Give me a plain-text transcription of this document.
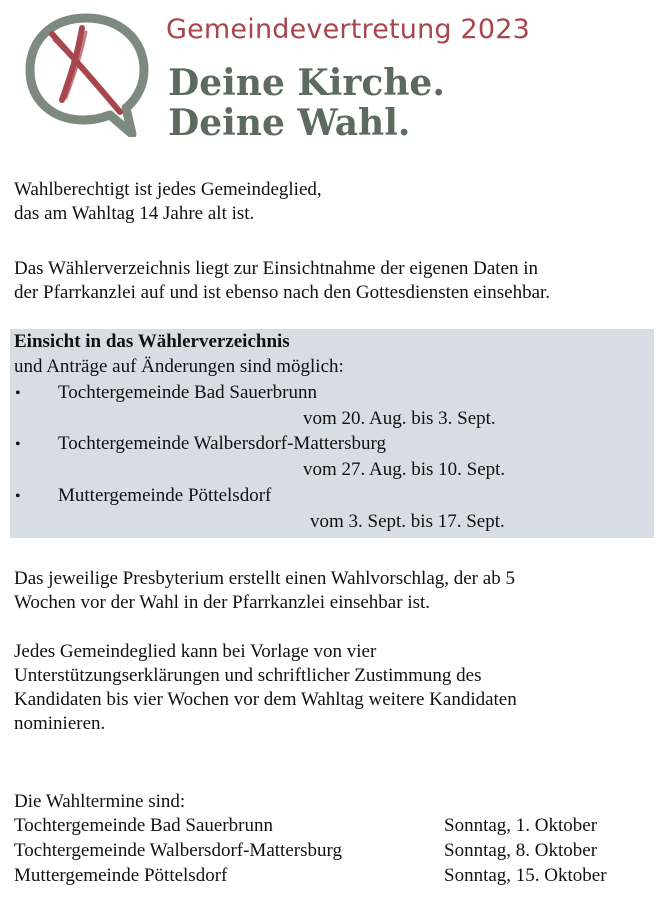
Gemeindevertretung 2023
Deine Kirche.
Deine Wahl.
Wahlberechtigt ist jedes Gemeindeglied,
das am Wahltag 14 Jahre alt ist.
Das Wählerverzeichnis liegt zur Einsichtnahme der eigenen Daten in
der Pfarrkanzlei auf und ist ebenso nach den Gottesdiensten einsehbar.
Einsicht in das Wählerverzeichnis
und Anträge auf Änderungen sind möglich:
• Tochtergemeinde Bad Sauerbrunn
vom 20. Aug. bis 3. Sept.
• Tochtergemeinde Walbersdorf-Mattersburg
vom 27. Aug. bis 10. Sept.
• Muttergemeinde Pöttelsdorf
vom 3. Sept. bis 17. Sept.
Das jeweilige Presbyterium erstellt einen Wahlvorschlag, der ab 5
Wochen vor der Wahl in der Pfarrkanzlei einsehbar ist.
Jedes Gemeindeglied kann bei Vorlage von vier
Unterstützungserklärungen und schriftlicher Zustimmung des
Kandidaten bis vier Wochen vor dem Wahltag weitere Kandidaten
nominieren.
Die Wahltermine sind:
Tochtergemeinde Bad Sauerbrunn	Sonntag, 1. Oktober
Tochtergemeinde Walbersdorf-Mattersburg	Sonntag, 8. Oktober
Muttergemeinde Pöttelsdorf	Sonntag, 15. Oktober
